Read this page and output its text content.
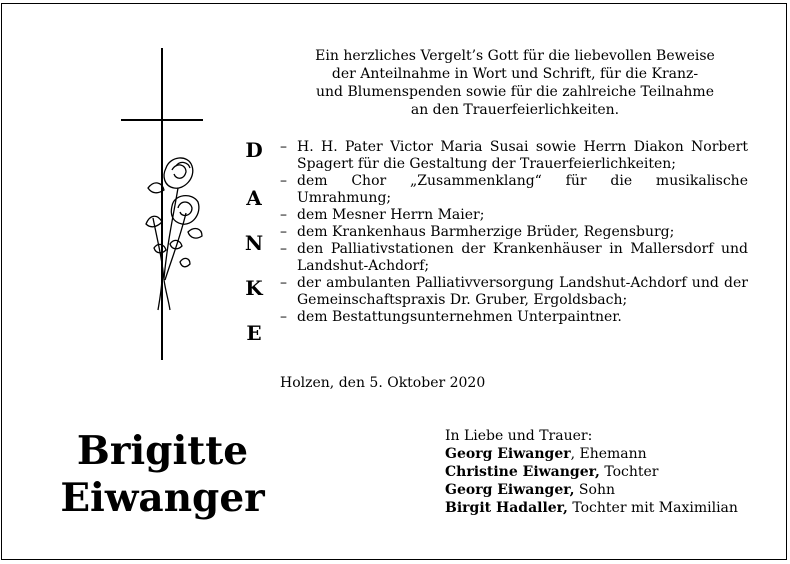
Ein herzliches Vergelt’s Gott für die liebevollen Beweise
der Anteilnahme in Wort und Schrift, für die Kranz-
und Blumenspenden sowie für die zahlreiche Teilnahme
an den Trauerfeierlichkeiten.
D
A
N
K
E
– H. H. Pater Victor Maria Susai sowie Herrn Diakon Norbert Spagert für die Gestaltung der Trauerfeierlichkeiten;
– dem Chor „Zusammenklang“ für die musikalische Umrahmung;
– dem Mesner Herrn Maier;
– dem Krankenhaus Barmherzige Brüder, Regensburg;
– den Palliativstationen der Krankenhäuser in Mallersdorf und Landshut-Achdorf;
– der ambulanten Palliativversorgung Landshut-Achdorf und der Gemeinschaftspraxis Dr. Gruber, Ergoldsbach;
– dem Bestattungsunternehmen Unterpaintner.
Holzen, den 5. Oktober 2020
Brigitte
Eiwanger
In Liebe und Trauer:
Georg Eiwanger, Ehemann
Christine Eiwanger, Tochter
Georg Eiwanger, Sohn
Birgit Hadaller, Tochter mit Maximilian
